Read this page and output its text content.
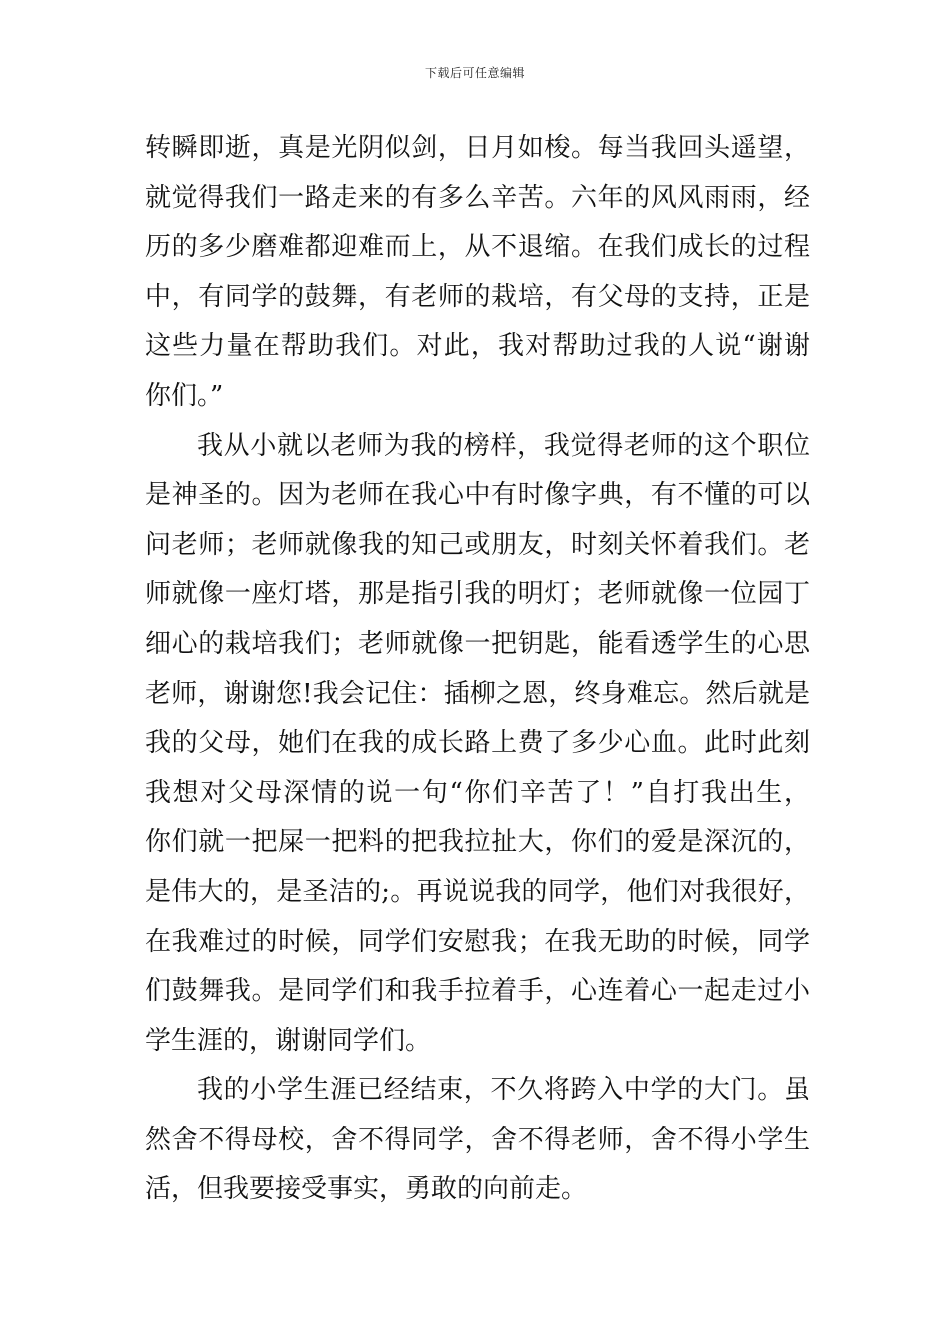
下载后可任意编辑
转瞬即逝，真是光阴似剑，日月如梭。每当我回头遥望，
就觉得我们一路走来的有多么辛苦。六年的风风雨雨，经
历的多少磨难都迎难而上，从不退缩。在我们成长的过程
中，有同学的鼓舞，有老师的栽培，有父母的支持，正是
这些力量在帮助我们。对此，我对帮助过我的人说“谢谢
你们。”
我从小就以老师为我的榜样，我觉得老师的这个职位
是神圣的。因为老师在我心中有时像字典，有不懂的可以
问老师；老师就像我的知己或朋友，时刻关怀着我们。老
师就像一座灯塔，那是指引我的明灯；老师就像一位园丁
细心的栽培我们；老师就像一把钥匙，能看透学生的心思
老师，谢谢您!我会记住：插柳之恩，终身难忘。然后就是
我的父母，她们在我的成长路上费了多少心血。此时此刻
我想对父母深情的说一句“你们辛苦了！”自打我出生，
你们就一把屎一把料的把我拉扯大，你们的爱是深沉的，
是伟大的，是圣洁的;。再说说我的同学，他们对我很好，
在我难过的时候，同学们安慰我；在我无助的时候，同学
们鼓舞我。是同学们和我手拉着手，心连着心一起走过小
学生涯的，谢谢同学们。
我的小学生涯已经结束，不久将跨入中学的大门。虽
然舍不得母校，舍不得同学，舍不得老师，舍不得小学生
活，但我要接受事实，勇敢的向前走。
